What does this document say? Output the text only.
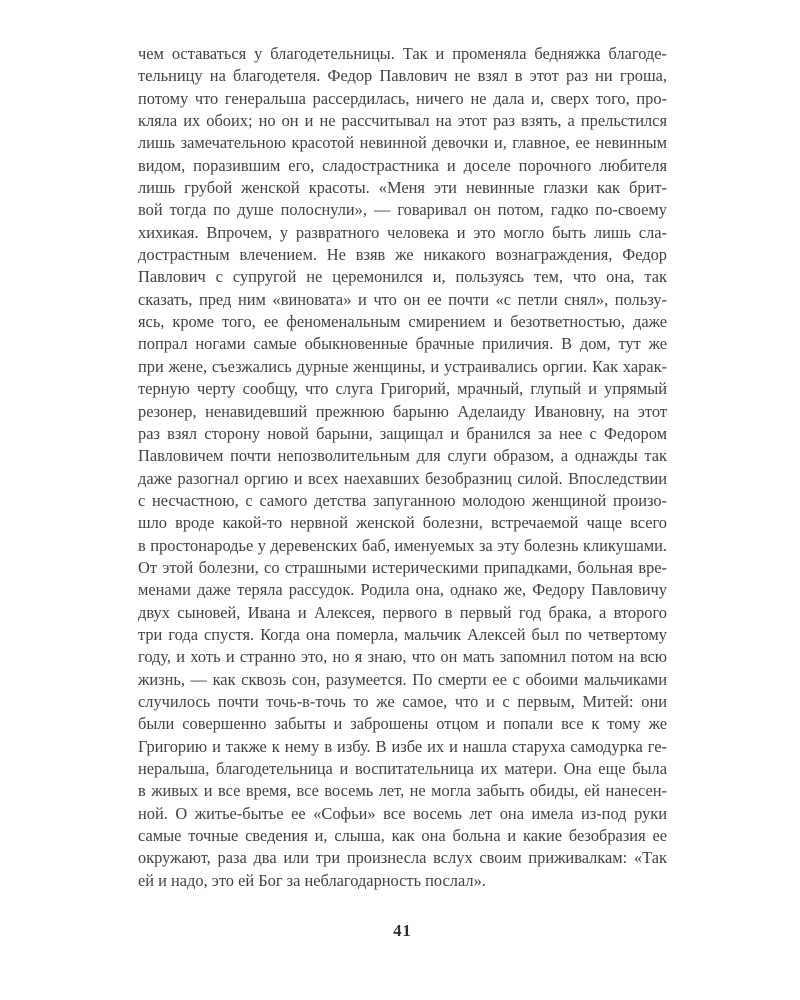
чем оставаться у благодетельницы. Так и променяла бедняжка благоде-
тельницу на благодетеля. Федор Павлович не взял в этот раз ни гроша,
потому что генеральша рассердилась, ничего не дала и, сверх того, про-
кляла их обоих; но он и не рассчитывал на этот раз взять, а прельстился
лишь замечательною красотой невинной девочки и, главное, ее невинным
видом, поразившим его, сладострастника и доселе порочного любителя
лишь грубой женской красоты. «Меня эти невинные глазки как брит-
вой тогда по душе полоснули», — говаривал он потом, гадко по-своему
хихикая. Впрочем, у развратного человека и это могло быть лишь сла-
дострастным влечением. Не взяв же никакого вознаграждения, Федор
Павлович с супругой не церемонился и, пользуясь тем, что она, так
сказать, пред ним «виновата» и что он ее почти «с петли снял», пользу-
ясь, кроме того, ее феноменальным смирением и безответностью, даже
попрал ногами самые обыкновенные брачные приличия. В дом, тут же
при жене, съезжались дурные женщины, и устраивались оргии. Как харак-
терную черту сообщу, что слуга Григорий, мрачный, глупый и упрямый
резонер, ненавидевший прежнюю барыню Аделаиду Ивановну, на этот
раз взял сторону новой барыни, защищал и бранился за нее с Федором
Павловичем почти непозволительным для слуги образом, а однажды так
даже разогнал оргию и всех наехавших безобразниц силой. Впоследствии
с несчастною, с самого детства запуганною молодою женщиной произо-
шло вроде какой-то нервной женской болезни, встречаемой чаще всего
в простонародье у деревенских баб, именуемых за эту болезнь кликушами.
От этой болезни, со страшными истерическими припадками, больная вре-
менами даже теряла рассудок. Родила она, однако же, Федору Павловичу
двух сыновей, Ивана и Алексея, первого в первый год брака, а второго
три года спустя. Когда она померла, мальчик Алексей был по четвертому
году, и хоть и странно это, но я знаю, что он мать запомнил потом на всю
жизнь, — как сквозь сон, разумеется. По смерти ее с обоими мальчиками
случилось почти точь-в-точь то же самое, что и с первым, Митей: они
были совершенно забыты и заброшены отцом и попали все к тому же
Григорию и также к нему в избу. В избе их и нашла старуха самодурка ге-
неральша, благодетельница и воспитательница их матери. Она еще была
в живых и все время, все восемь лет, не могла забыть обиды, ей нанесен-
ной. О житье-бытье ее «Софьи» все восемь лет она имела из-под руки
самые точные сведения и, слыша, как она больна и какие безобразия ее
окружают, раза два или три произнесла вслух своим приживалкам: «Так
ей и надо, это ей Бог за неблагодарность послал».
41
